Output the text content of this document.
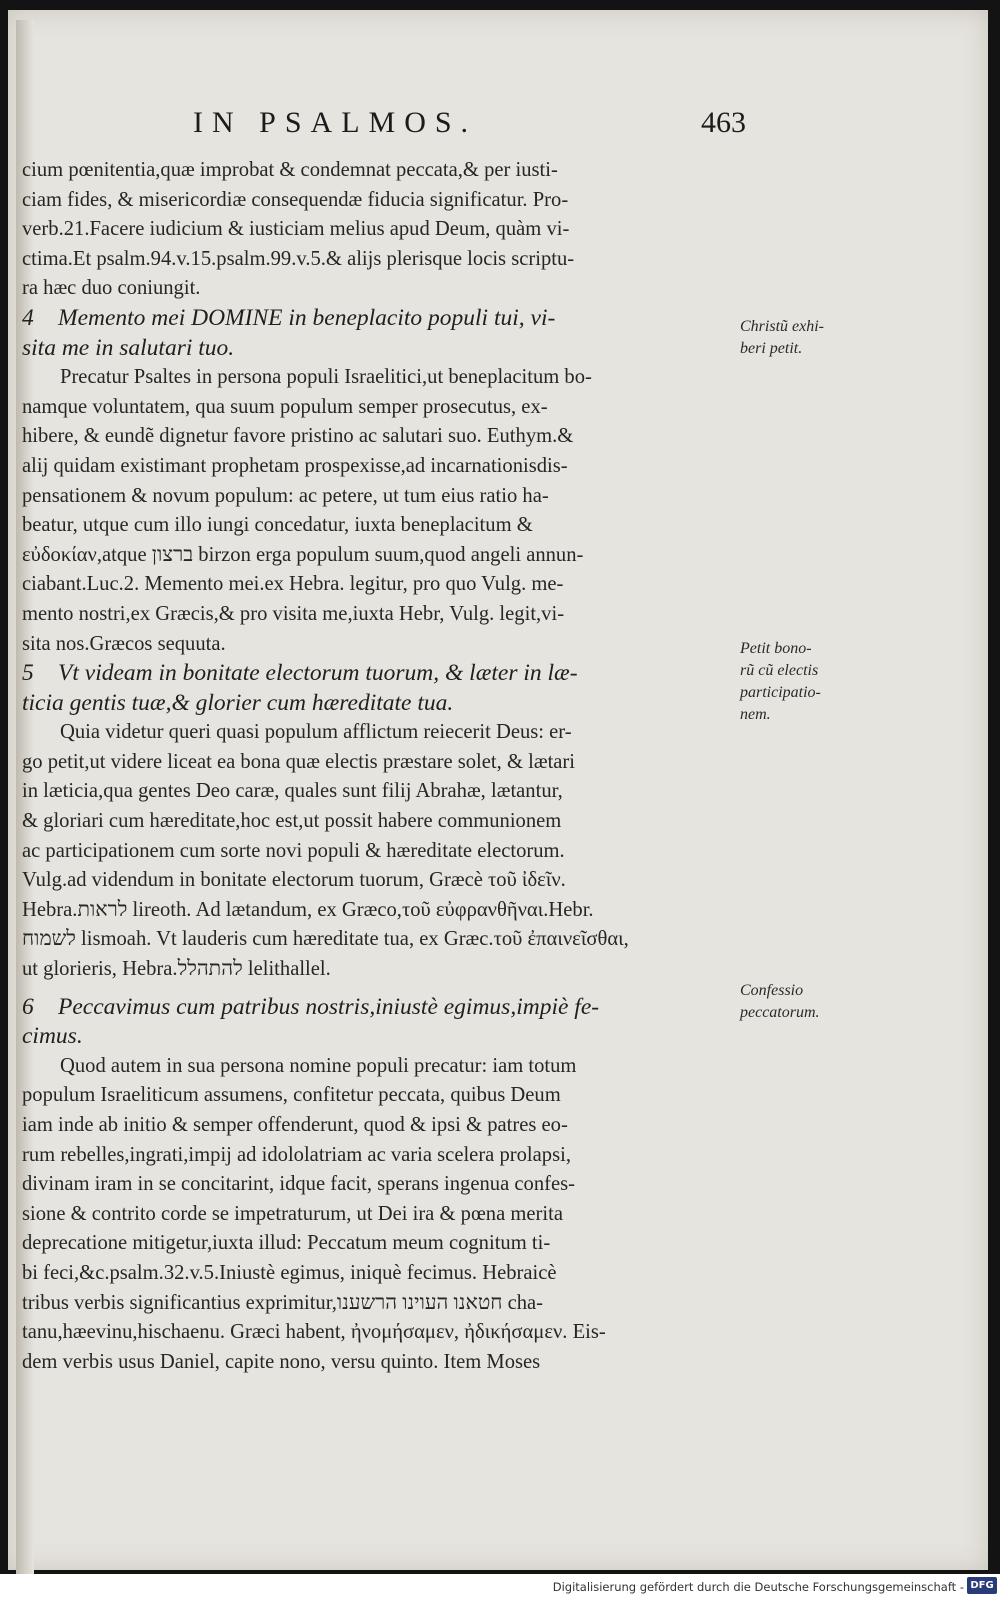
IN PSALMOS.	463

cium pœnitentia,quæ improbat & condemnat peccata,& per iusti-

ciam fides, & misericordiæ consequendæ fiducia significatur. Pro-

verb.21.Facere iudicium & iusticiam melius apud Deum, quàm vi-

ctima.Et psalm.94.v.15.psalm.99.v.5.& alijs plerisque locis scriptu-

ra hæc duo coniungit.

4 Memento mei DOMINE in beneplacito populi tui, vi-

sita me in salutari tuo.

Precatur Psaltes in persona populi Israelitici,ut beneplacitum bo-

namque voluntatem, qua suum populum semper prosecutus, ex-

hibere, & eundẽ dignetur favore pristino ac salutari suo. Euthym.&

alij quidam existimant prophetam prospexisse,ad incarnationisdis-

pensationem & novum populum: ac petere, ut tum eius ratio ha-

beatur, utque cum illo iungi concedatur, iuxta beneplacitum &

εὐδοκίαν,atque ברצון birzon erga populum suum,quod angeli annun-

ciabant.Luc.2. Memento mei.ex Hebra. legitur, pro quo Vulg. me-

mento nostri,ex Græcis,& pro visita me,iuxta Hebr, Vulg. legit,vi-

sita nos.Græcos sequuta.

5 Vt videam in bonitate electorum tuorum, & læter in læ-

ticia gentis tuæ,& glorier cum hæreditate tua.

Quia videtur queri quasi populum afflictum reiecerit Deus: er-

go petit,ut videre liceat ea bona quæ electis præstare solet, & lætari

in læticia,qua gentes Deo caræ, quales sunt filij Abrahæ, lætantur,

& gloriari cum hæreditate,hoc est,ut possit habere communionem

ac participationem cum sorte novi populi & hæreditate electorum.

Vulg.ad videndum in bonitate electorum tuorum, Græcè τοῦ ἰδεῖν.

Hebra.לראות lireoth. Ad lætandum, ex Græco,τοῦ εὐφρανθῆναι.Hebr.

לשמוח lismoah. Vt lauderis cum hæreditate tua, ex Græc.τοῦ ἐπαινεῖσθαι,

ut glorieris, Hebra.להתהלל lelithallel.

6 Peccavimus cum patribus nostris,iniustè egimus,impiè fe-

cimus.

Quod autem in sua persona nomine populi precatur: iam totum

populum Israeliticum assumens, confitetur peccata, quibus Deum

iam inde ab initio & semper offenderunt, quod & ipsi & patres eo-

rum rebelles,ingrati,impij ad idololatriam ac varia scelera prolapsi,

divinam iram in se concitarint, idque facit, sperans ingenua confes-

sione & contrito corde se impetraturum, ut Dei ira & pœna merita

deprecatione mitigetur,iuxta illud: Peccatum meum cognitum ti-

bi feci,&c.psalm.32.v.5.Iniustè egimus, iniquè fecimus. Hebraicè

tribus verbis significantius exprimitur,חטאנו העוינו הרשענו cha-

tanu,hæevinu,hischaenu. Græci habent, ἠνομήσαμεν, ἠδικήσαμεν. Eis-

dem verbis usus Daniel, capite nono, versu quinto. Item Moses

Christũ exhi-
beri petit.
Petit bono-
rũ cũ electis
participatio-
nem.
Confessio
peccatorum.
Digitalisierung gefördert durch die Deutsche Forschungsgemeinschaft - DFG
